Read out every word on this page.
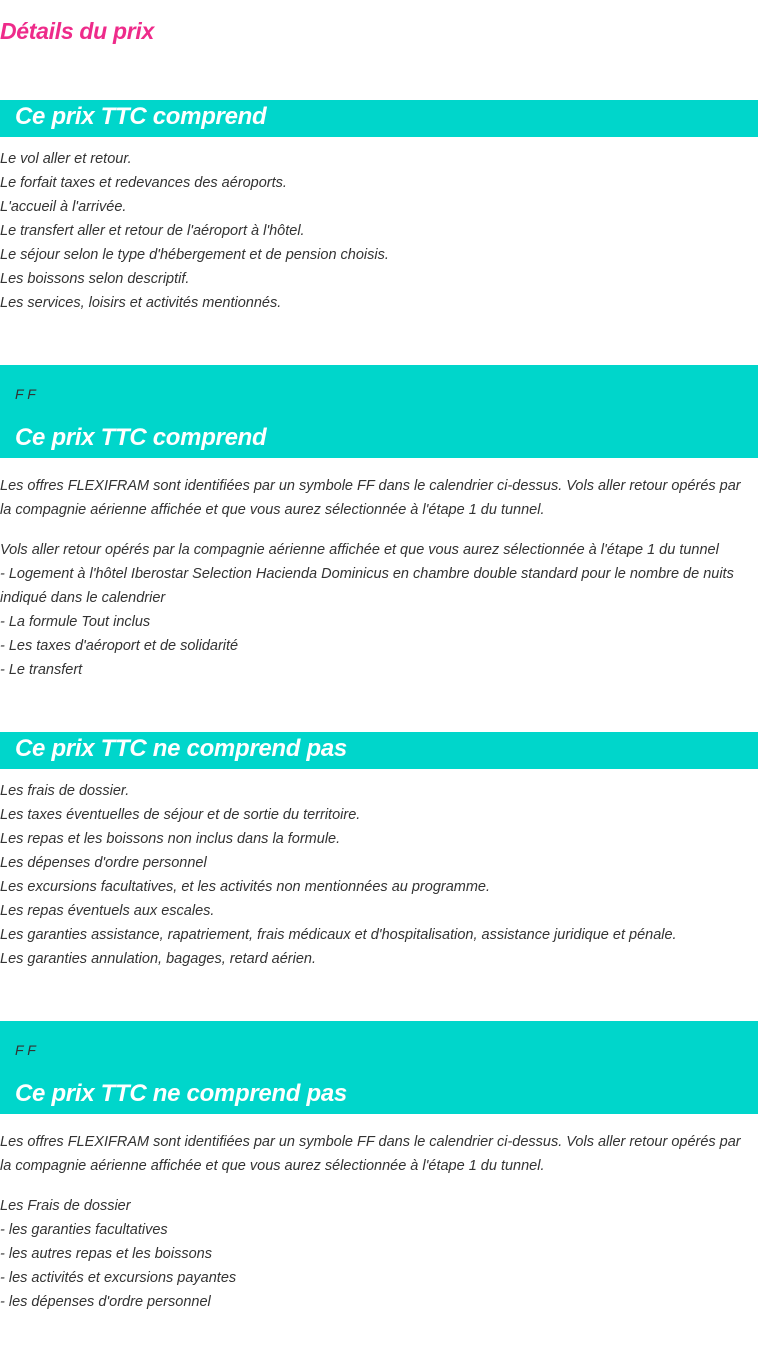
Détails du prix
Ce prix TTC comprend
Le vol aller et retour.
Le forfait taxes et redevances des aéroports.
L'accueil à l'arrivée.
Le transfert aller et retour de l'aéroport à l'hôtel.
Le séjour selon le type d'hébergement et de pension choisis.
Les boissons selon descriptif.
Les services, loisirs et activités mentionnés.
F F
Ce prix TTC comprend

Les offres FLEXIFRAM sont identifiées par un symbole FF dans le calendrier ci-dessus. Vols aller retour opérés par la compagnie aérienne affichée et que vous aurez sélectionnée à l'étape 1 du tunnel.

Vols aller retour opérés par la compagnie aérienne affichée et que vous aurez sélectionnée à l'étape 1 du tunnel
- Logement à l'hôtel Iberostar Selection Hacienda Dominicus en chambre double standard pour le nombre de nuits indiqué dans le calendrier
- La formule Tout inclus
- Les taxes d'aéroport et de solidarité
- Le transfert
Ce prix TTC ne comprend pas
Les frais de dossier.
Les taxes éventuelles de séjour et de sortie du territoire.
Les repas et les boissons non inclus dans la formule.
Les dépenses d'ordre personnel
Les excursions facultatives, et les activités non mentionnées au programme.
Les repas éventuels aux escales.
Les garanties assistance, rapatriement, frais médicaux et d'hospitalisation, assistance juridique et pénale.
Les garanties annulation, bagages, retard aérien.
F F
Ce prix TTC ne comprend pas

Les offres FLEXIFRAM sont identifiées par un symbole FF dans le calendrier ci-dessus. Vols aller retour opérés par la compagnie aérienne affichée et que vous aurez sélectionnée à l'étape 1 du tunnel.

Les Frais de dossier
- les garanties facultatives
- les autres repas et les boissons
- les activités et excursions payantes
- les dépenses d'ordre personnel
